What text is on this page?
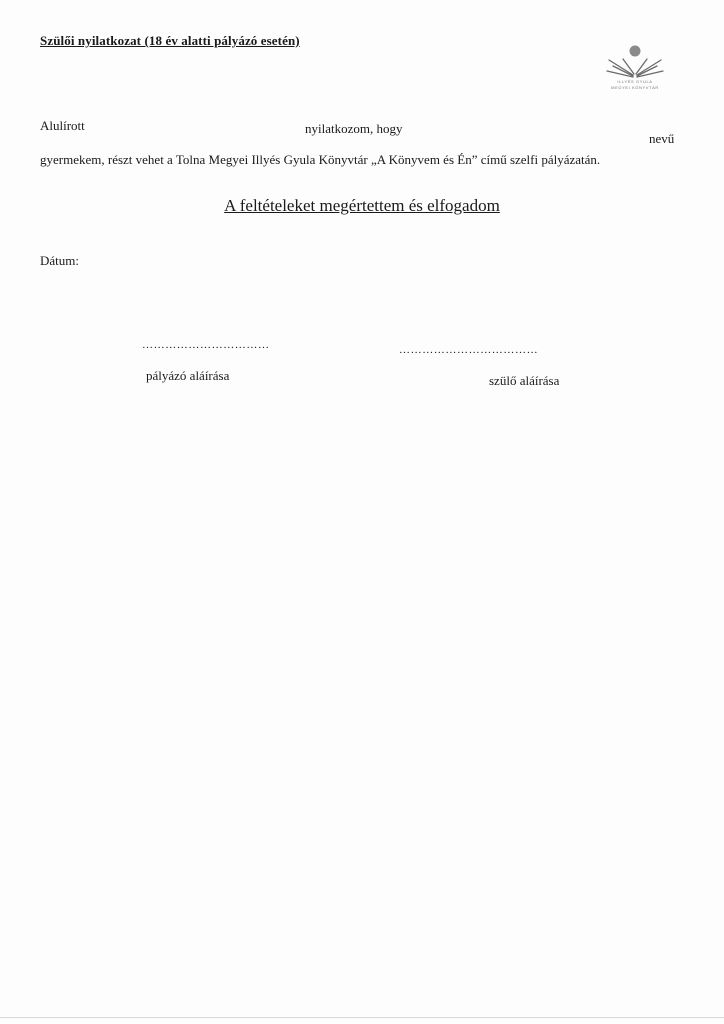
Szülői nyilatkozat (18 év alatti pályázó esetén)
ILLYÉS GYULA
MEGYEI KÖNYVTÁR
Alulírott	nyilatkozom, hogy
nevű
gyermekem, részt vehet a Tolna Megyei Illyés Gyula Könyvtár „A Könyvem és Én” című szelfi pályázatán.
A feltételeket megértettem és elfogadom
Dátum:
……………………………	………………………………
pályázó aláírása	szülő aláírása
